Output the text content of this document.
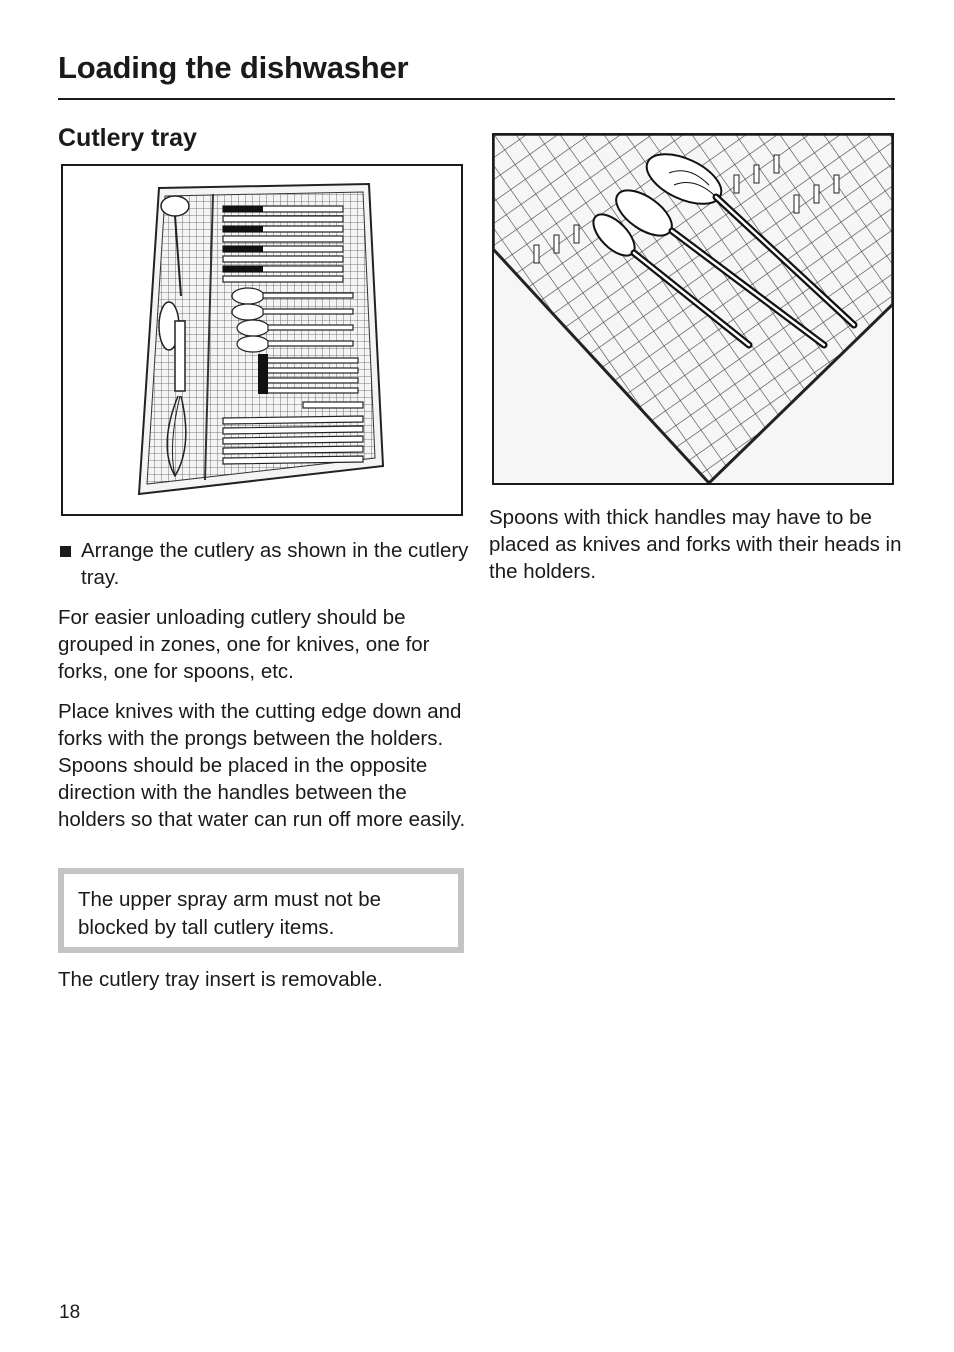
Loading the dishwasher
Cutlery tray

Arrange the cutlery as shown in the cutlery tray.

For easier unloading cutlery should be grouped in zones, one for knives, one for forks, one for spoons, etc.

Place knives with the cutting edge down and forks with the prongs between the holders. Spoons should be placed in the opposite direction with the handles between the holders so that water can run off more easily.

The upper spray arm must not be blocked by tall cutlery items.

The cutlery tray insert is removable.

Spoons with thick handles may have to be placed as knives and forks with their heads in the holders.

18
